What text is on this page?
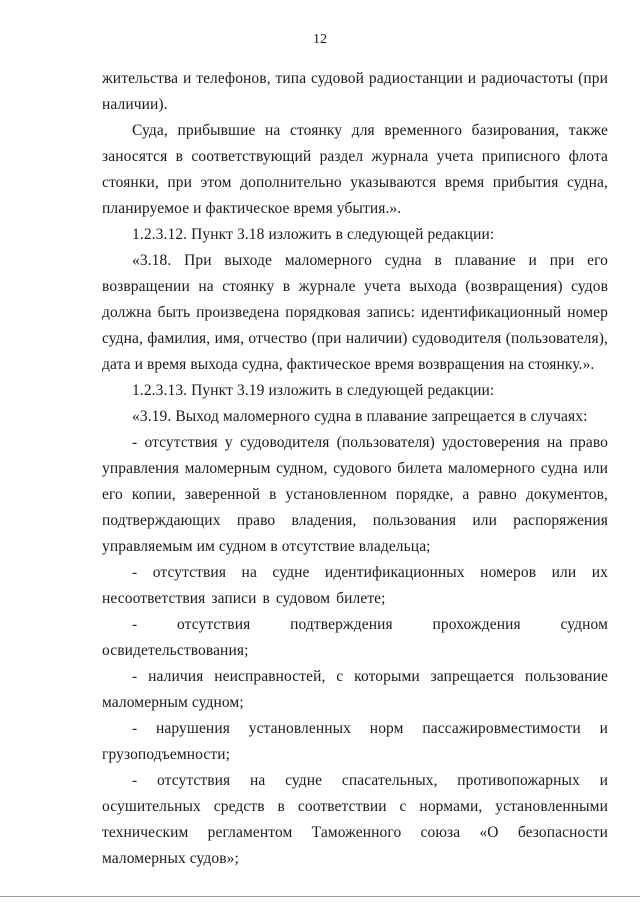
12

жительства и телефонов, типа судовой радиостанции и радиочастоты (при наличии).

Суда, прибывшие на стоянку для временного базирования, также заносятся в соответствующий раздел журнала учета приписного флота стоянки, при этом дополнительно указываются время прибытия судна, планируемое и фактическое время убытия.».

1.2.3.12. Пункт 3.18 изложить в следующей редакции:

«3.18. При выходе маломерного судна в плавание и при его возвращении на стоянку в журнале учета выхода (возвращения) судов должна быть произведена порядковая запись: идентификационный номер судна, фамилия, имя, отчество (при наличии) судоводителя (пользователя), дата и время выхода судна, фактическое время возвращения на стоянку.».

1.2.3.13. Пункт 3.19 изложить в следующей редакции:

«3.19. Выход маломерного судна в плавание запрещается в случаях:

- отсутствия у судоводителя (пользователя) удостоверения на право управления маломерным судном, судового билета маломерного судна или его копии, заверенной в установленном порядке, а равно документов, подтверждающих право владения, пользования или распоряжения управляемым им судном в отсутствие владельца;

- отсутствия на судне идентификационных номеров или их несоответствия записи в судовом билете;

- отсутствия подтверждения прохождения судном освидетельствования;

- наличия неисправностей, с которыми запрещается пользование маломерным судном;

- нарушения установленных норм пассажировместимости и грузоподъемности;

- отсутствия на судне спасательных, противопожарных и осушительных средств в соответствии с нормами, установленными техническим регламентом Таможенного союза «О безопасности маломерных судов»;
